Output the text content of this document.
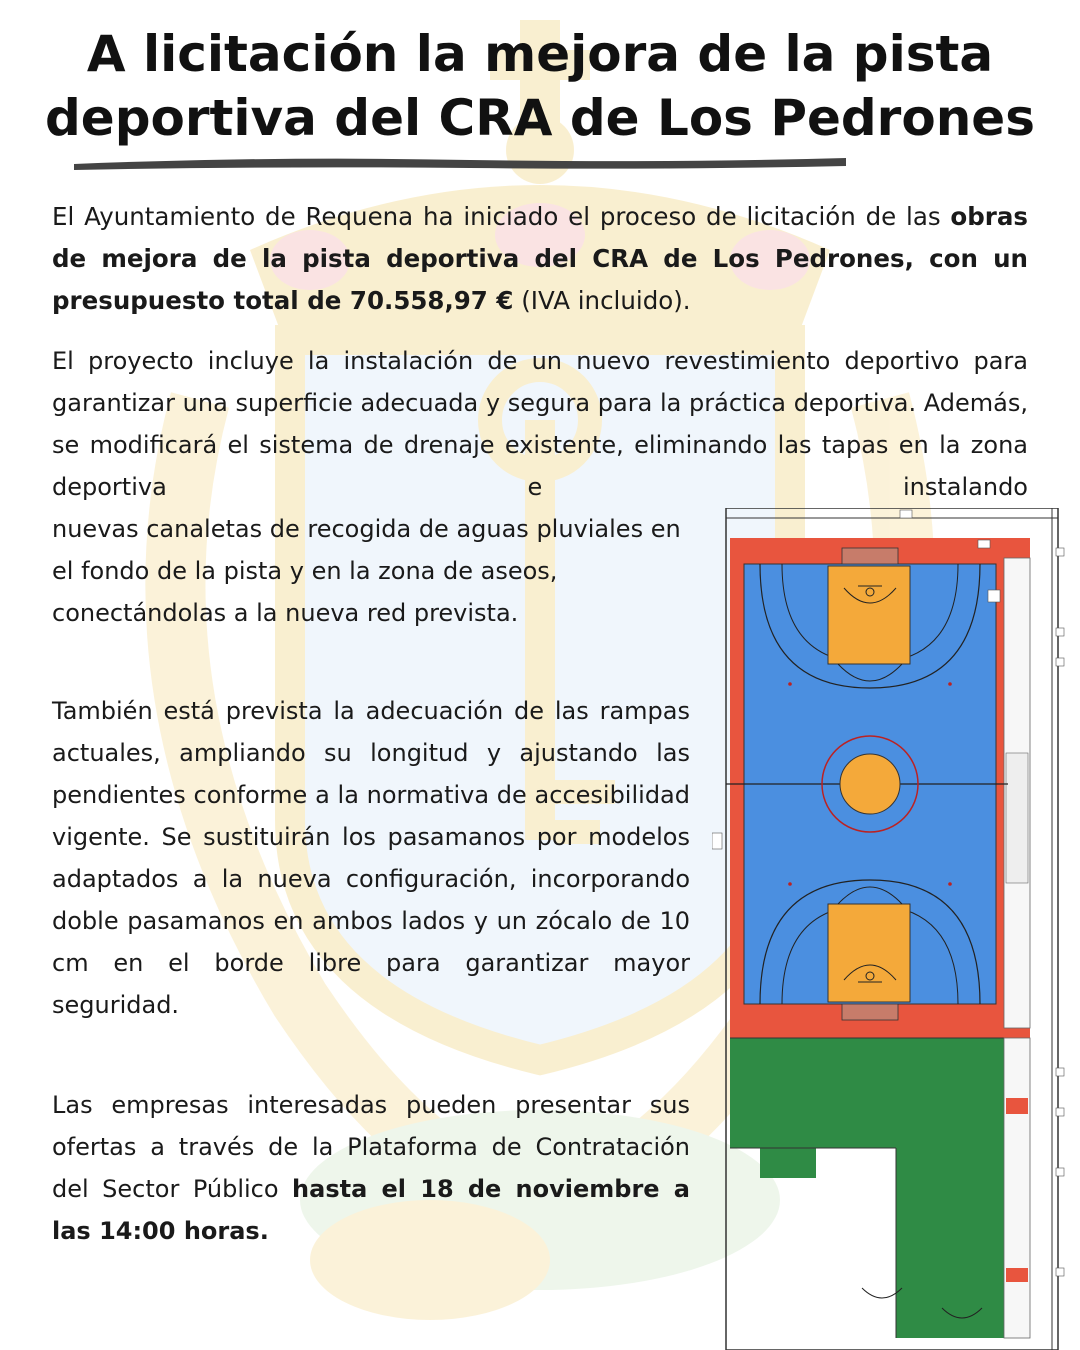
A licitación la mejora de la pista
deportiva del CRA de Los Pedrones

El Ayuntamiento de Requena ha iniciado el proceso de licitación de las obras de mejora de la pista deportiva del CRA de Los Pedrones, con un presupuesto total de 70.558,97 € (IVA incluido).

El proyecto incluye la instalación de un nuevo revestimiento deportivo para garantizar una superficie adecuada y segura para la práctica deportiva. Además, se modificará el sistema de drenaje existente, eliminando las tapas en la zona deportiva e instalando

nuevas canaletas de recogida de aguas pluviales en el fondo de la pista y en la zona de aseos, conectándolas a la nueva red prevista.

También está prevista la adecuación de las rampas actuales, ampliando su longitud y ajustando las pendientes conforme a la normativa de accesibilidad vigente. Se sustituirán los pasamanos por modelos adaptados a la nueva configuración, incorporando doble pasamanos en ambos lados y un zócalo de 10 cm en el borde libre para garantizar mayor seguridad.

Las empresas interesadas pueden presentar sus ofertas a través de la Plataforma de Contratación del Sector Público hasta el 18 de noviembre a las 14:00 horas.
